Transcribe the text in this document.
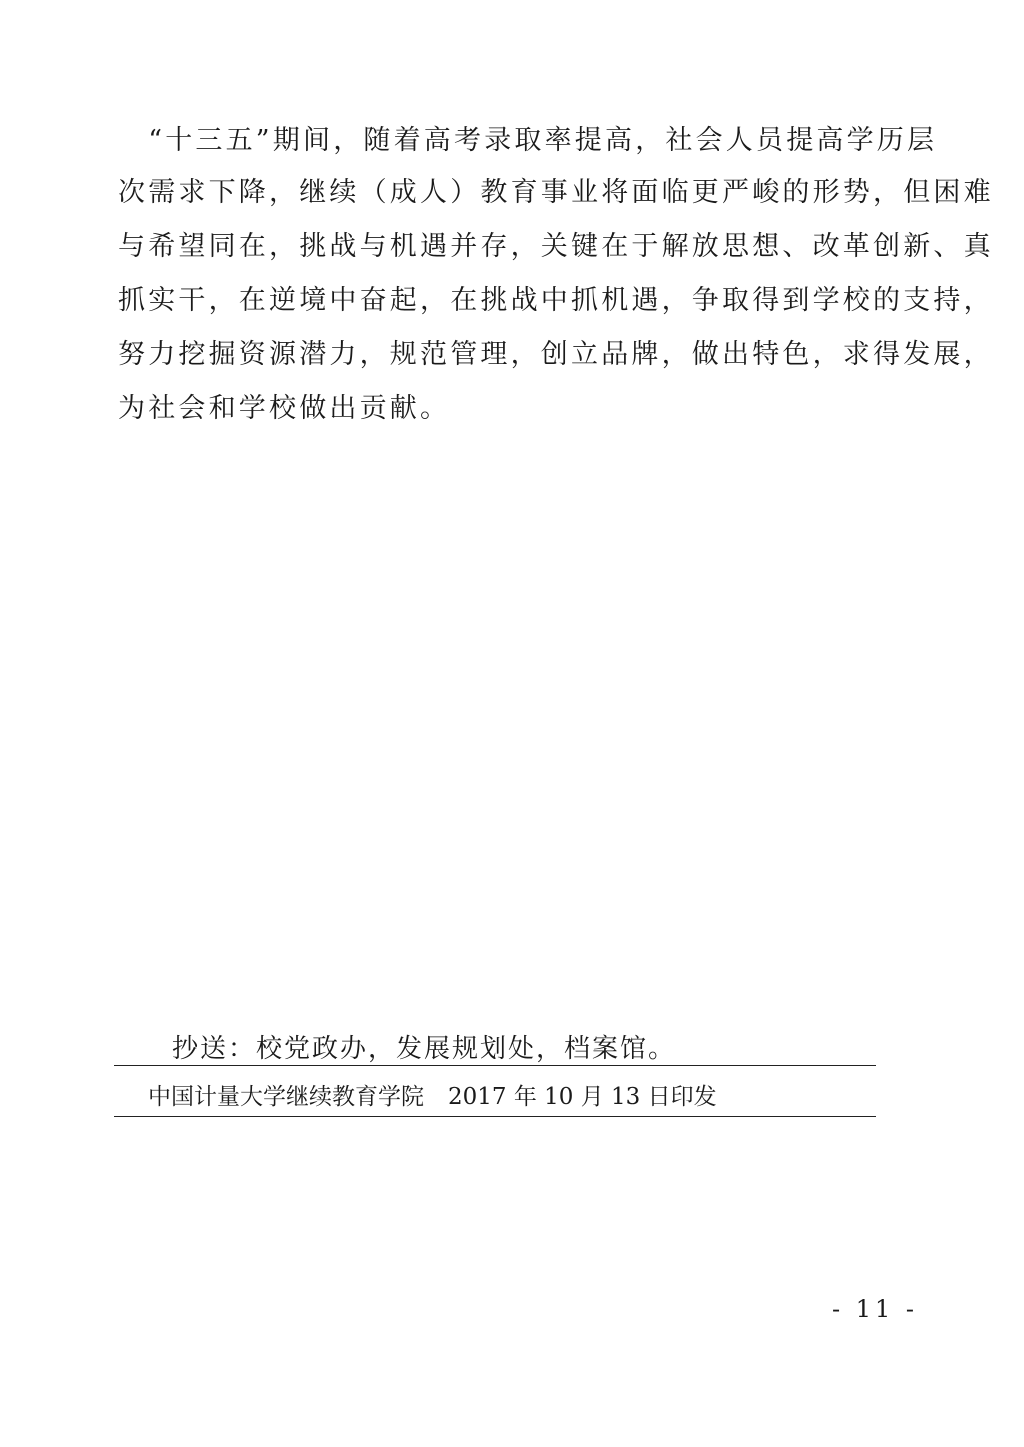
　“十三五”期间，随着高考录取率提高，社会人员提高学历层
次需求下降，继续（成人）教育事业将面临更严峻的形势，但困难
与希望同在，挑战与机遇并存，关键在于解放思想、改革创新、真
抓实干，在逆境中奋起，在挑战中抓机遇，争取得到学校的支持，
努力挖掘资源潜力，规范管理，创立品牌，做出特色，求得发展，
为社会和学校做出贡献。
抄送：校党政办，发展规划处，档案馆。
中国计量大学继续教育学院 2017 年 10 月 13 日印发
- 11 -
